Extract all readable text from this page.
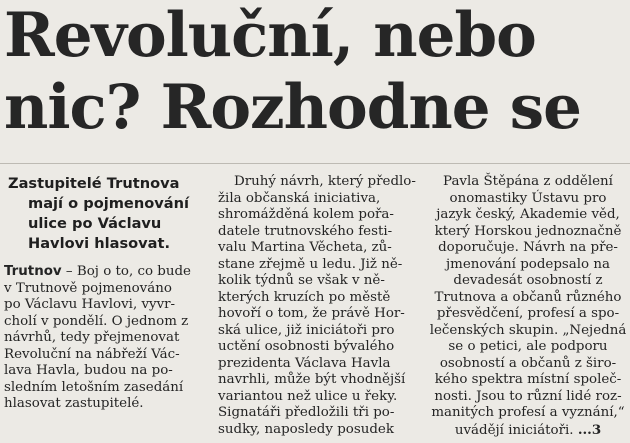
Revoluční, nebo
nic? Rozhodne se
Zastupitelé Trutnova
mají o pojmenování
ulice po Václavu
Havlovi hlasovat.
Trutnov – Boj o to, co bude
v Trutnově pojmenováno
po Václavu Havlovi, vyvr-
cholí v pondělí. O jednom z
návrhů, tedy přejmenovat
Revoluční na nábřeží Vác-
lava Havla, budou na po-
sledním letošním zasedání
hlasovat zastupitelé.
Druhý návrh, který předlo-
žila občanská iniciativa,
shromážděná kolem pořa-
datele trutnovského festi-
valu Martina Věcheta, zů-
stane zřejmě u ledu. Již ně-
kolik týdnů se však v ně-
kterých kruzích po městě
hovoří o tom, že právě Hor-
ská ulice, již iniciátoři pro
uctění osobnosti bývalého
prezidenta Václava Havla
navrhli, může být vhodnější
variantou než ulice u řeky.
Signatáři předložili tři po-
sudky, naposledy posudek
Pavla Štěpána z oddělení
onomastiky Ústavu pro
jazyk český, Akademie věd,
který Horskou jednoznačně
doporučuje. Návrh na pře-
jmenování podepsalo na
devadesát osobností z
Trutnova a občanů různého
přesvědčení, profesí a spo-
lečenských skupin. „Nejedná
se o petici, ale podporu
osobností a občanů z širo-
kého spektra místní společ-
nosti. Jsou to různí lidé roz-
manitých profesí a vyznání,“
uvádějí iniciátoři. ...3
